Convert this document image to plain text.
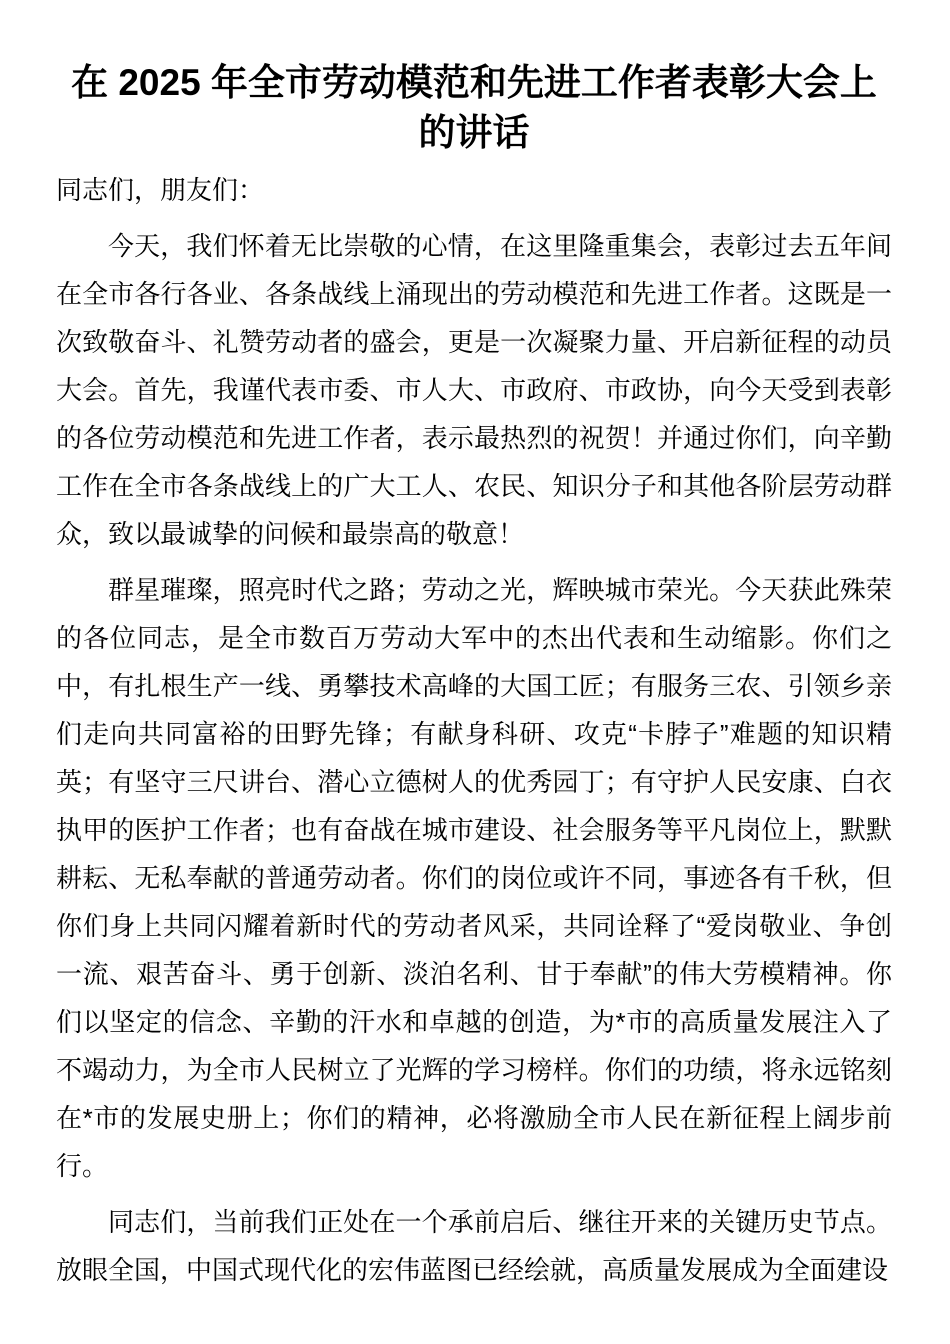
在 2025 年全市劳动模范和先进工作者表彰大会上的讲话

同志们，朋友们：

今天，我们怀着无比崇敬的心情，在这里隆重集会，表彰过去五年间在全市各行各业、各条战线上涌现出的劳动模范和先进工作者。这既是一次致敬奋斗、礼赞劳动者的盛会，更是一次凝聚力量、开启新征程的动员大会。首先，我谨代表市委、市人大、市政府、市政协，向今天受到表彰的各位劳动模范和先进工作者，表示最热烈的祝贺！并通过你们，向辛勤工作在全市各条战线上的广大工人、农民、知识分子和其他各阶层劳动群众，致以最诚挚的问候和最崇高的敬意！

群星璀璨，照亮时代之路；劳动之光，辉映城市荣光。今天获此殊荣的各位同志，是全市数百万劳动大军中的杰出代表和生动缩影。你们之中，有扎根生产一线、勇攀技术高峰的大国工匠；有服务三农、引领乡亲们走向共同富裕的田野先锋；有献身科研、攻克“卡脖子”难题的知识精英；有坚守三尺讲台、潜心立德树人的优秀园丁；有守护人民安康、白衣执甲的医护工作者；也有奋战在城市建设、社会服务等平凡岗位上，默默耕耘、无私奉献的普通劳动者。你们的岗位或许不同，事迹各有千秋，但你们身上共同闪耀着新时代的劳动者风采，共同诠释了“爱岗敬业、争创一流、艰苦奋斗、勇于创新、淡泊名利、甘于奉献”的伟大劳模精神。你们以坚定的信念、辛勤的汗水和卓越的创造，为*市的高质量发展注入了不竭动力，为全市人民树立了光辉的学习榜样。你们的功绩，将永远铭刻在*市的发展史册上；你们的精神，必将激励全市人民在新征程上阔步前行。

同志们，当前我们正处在一个承前启后、继往开来的关键历史节点。放眼全国，中国式现代化的宏伟蓝图已经绘就，高质量发展成为全面建设
